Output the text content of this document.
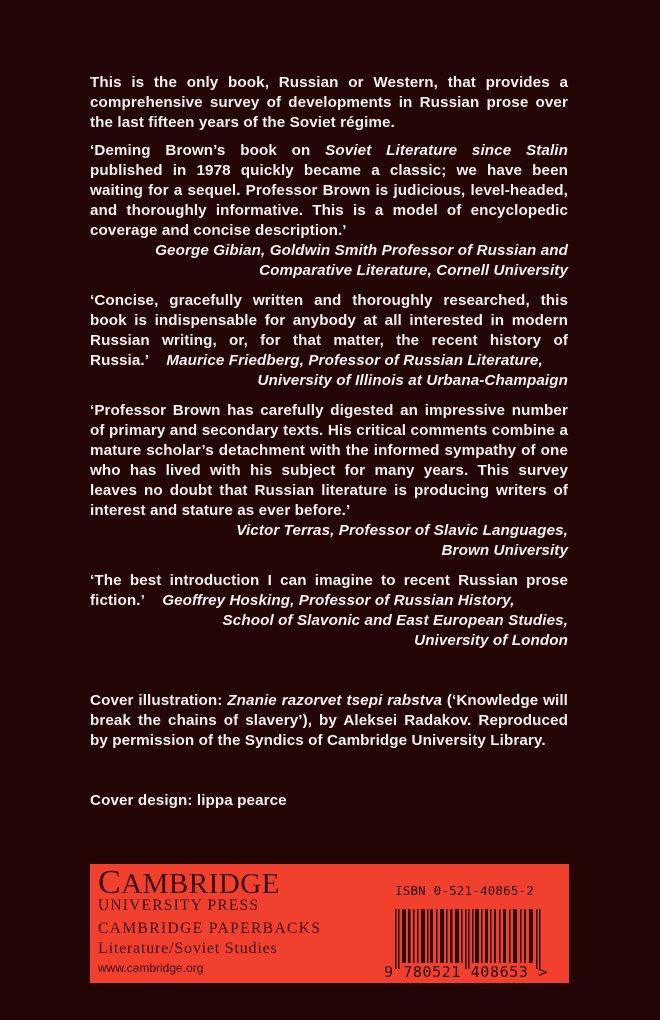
This is the only book, Russian or Western, that provides a comprehensive survey of developments in Russian prose over the last fifteen years of the Soviet régime.

‘Deming Brown’s book on Soviet Literature since Stalin published in 1978 quickly became a classic; we have been waiting for a sequel. Professor Brown is judicious, level-headed, and thoroughly informative. This is a model of encyclopedic coverage and concise description.’

George Gibian, Goldwin Smith Professor of Russian and
Comparative Literature, Cornell University

‘Concise, gracefully written and thoroughly researched, this book is indispensable for anybody at all interested in modern Russian writing, or, for that matter, the recent history of Russia.’ Maurice Friedberg, Professor of Russian Literature,

University of Illinois at Urbana-Champaign

‘Professor Brown has carefully digested an impressive number of primary and secondary texts. His critical comments combine a mature scholar’s detachment with the informed sympathy of one who has lived with his subject for many years. This survey leaves no doubt that Russian literature is producing writers of interest and stature as ever before.’

Victor Terras, Professor of Slavic Languages,
Brown University

‘The best introduction I can imagine to recent Russian prose fiction.’ Geoffrey Hosking, Professor of Russian History,

School of Slavonic and East European Studies,
University of London

Cover illustration: Znanie razorvet tsepi rabstva (‘Knowledge will break the chains of slavery’), by Aleksei Radakov. Reproduced by permission of the Syndics of Cambridge University Library.

Cover design: lippa pearce

CAMBRIDGE
UNIVERSITY PRESS
CAMBRIDGE PAPERBACKS
Literature/Soviet Studies
www.cambridge.org
ISBN 0-521-40865-2
9 780521 408653 >
